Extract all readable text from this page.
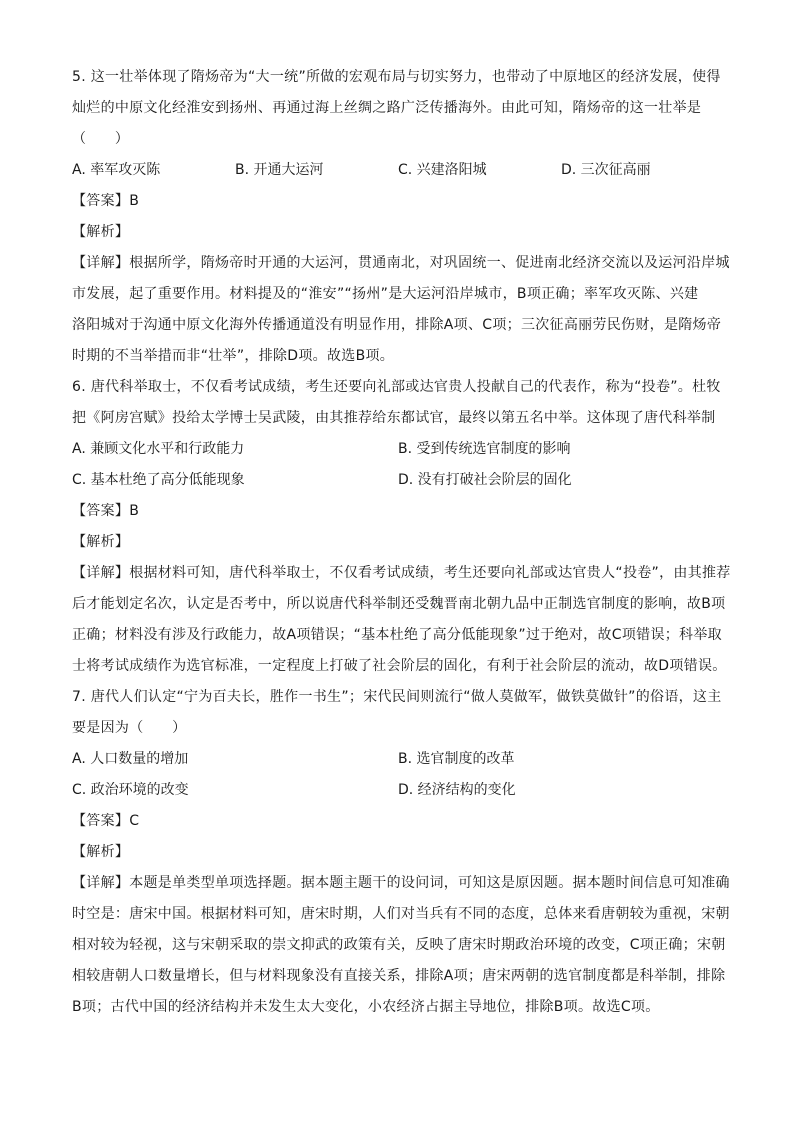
5. 这一壮举体现了隋炀帝为“大一统”所做的宏观布局与切实努力，也带动了中原地区的经济发展，使得
灿烂的中原文化经淮安到扬州、再通过海上丝绸之路广泛传播海外。由此可知，隋炀帝的这一壮举是
（　　）
A. 率军攻灭陈	B. 开通大运河	C. 兴建洛阳城	D. 三次征高丽
【答案】B
【解析】
【详解】根据所学，隋炀帝时开通的大运河，贯通南北，对巩固统一、促进南北经济交流以及运河沿岸城
市发展，起了重要作用。材料提及的“淮安”“扬州”是大运河沿岸城市，B项正确；率军攻灭陈、兴建
洛阳城对于沟通中原文化海外传播通道没有明显作用，排除A项、C项；三次征高丽劳民伤财，是隋炀帝
时期的不当举措而非“壮举”，排除D项。故选B项。
6. 唐代科举取士，不仅看考试成绩，考生还要向礼部或达官贵人投献自己的代表作，称为“投卷”。杜牧
把《阿房宫赋》投给太学博士吴武陵，由其推荐给东都试官，最终以第五名中举。这体现了唐代科举制
A. 兼顾文化水平和行政能力	B. 受到传统选官制度的影响
C. 基本杜绝了高分低能现象	D. 没有打破社会阶层的固化
【答案】B
【解析】
【详解】根据材料可知，唐代科举取士，不仅看考试成绩，考生还要向礼部或达官贵人“投卷”，由其推荐
后才能划定名次，认定是否考中，所以说唐代科举制还受魏晋南北朝九品中正制选官制度的影响，故B项
正确；材料没有涉及行政能力，故A项错误；“基本杜绝了高分低能现象”过于绝对，故C项错误；科举取
士将考试成绩作为选官标准，一定程度上打破了社会阶层的固化，有利于社会阶层的流动，故D项错误。
7. 唐代人们认定“宁为百夫长，胜作一书生”；宋代民间则流行“做人莫做军，做铁莫做针”的俗语，这主
要是因为（　　）
A. 人口数量的增加	B. 选官制度的改革
C. 政治环境的改变	D. 经济结构的变化
【答案】C
【解析】
【详解】本题是单类型单项选择题。据本题主题干的设问词，可知这是原因题。据本题时间信息可知准确
时空是：唐宋中国。根据材料可知，唐宋时期，人们对当兵有不同的态度，总体来看唐朝较为重视，宋朝
相对较为轻视，这与宋朝采取的崇文抑武的政策有关，反映了唐宋时期政治环境的改变，C项正确；宋朝
相较唐朝人口数量增长，但与材料现象没有直接关系，排除A项；唐宋两朝的选官制度都是科举制，排除
B项；古代中国的经济结构并未发生太大变化，小农经济占据主导地位，排除B项。故选C项。
